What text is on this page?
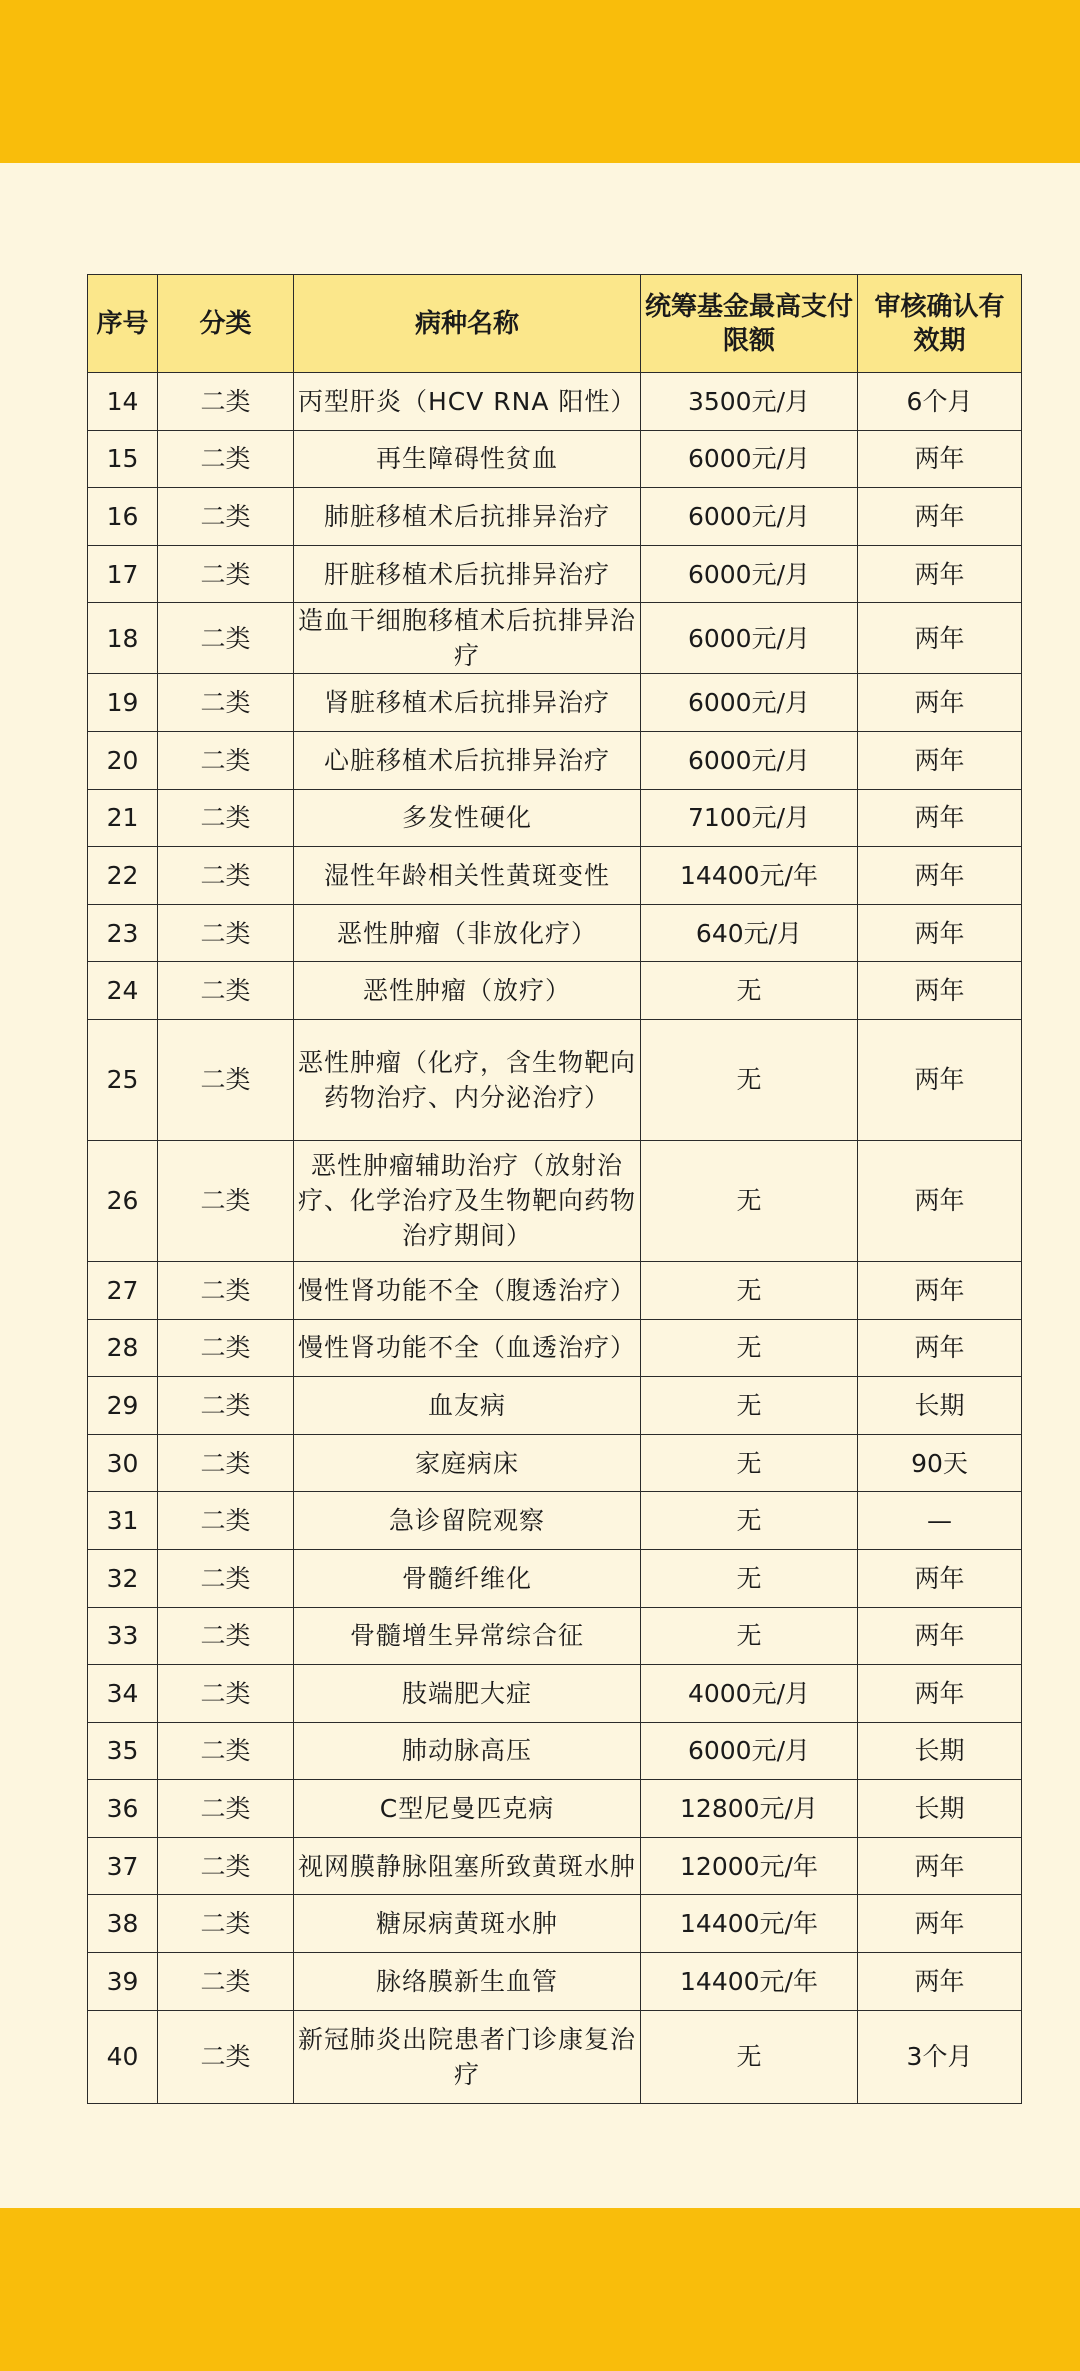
序号	分类	病种名称	统筹基金最高支付限额	审核确认有效期
14	二类	丙型肝炎（HCV RNA 阳性）	3500元/月	6个月
15	二类	再生障碍性贫血	6000元/月	两年
16	二类	肺脏移植术后抗排异治疗	6000元/月	两年
17	二类	肝脏移植术后抗排异治疗	6000元/月	两年
18	二类	造血干细胞移植术后抗排异治疗	6000元/月	两年
19	二类	肾脏移植术后抗排异治疗	6000元/月	两年
20	二类	心脏移植术后抗排异治疗	6000元/月	两年
21	二类	多发性硬化	7100元/月	两年
22	二类	湿性年龄相关性黄斑变性	14400元/年	两年
23	二类	恶性肿瘤（非放化疗）	640元/月	两年
24	二类	恶性肿瘤（放疗）	无	两年
25	二类	恶性肿瘤（化疗，含生物靶向药物治疗、内分泌治疗）	无	两年
26	二类	恶性肿瘤辅助治疗（放射治疗、化学治疗及生物靶向药物治疗期间）	无	两年
27	二类	慢性肾功能不全（腹透治疗）	无	两年
28	二类	慢性肾功能不全（血透治疗）	无	两年
29	二类	血友病	无	长期
30	二类	家庭病床	无	90天
31	二类	急诊留院观察	无	—
32	二类	骨髓纤维化	无	两年
33	二类	骨髓增生异常综合征	无	两年
34	二类	肢端肥大症	4000元/月	两年
35	二类	肺动脉高压	6000元/月	长期
36	二类	C型尼曼匹克病	12800元/月	长期
37	二类	视网膜静脉阻塞所致黄斑水肿	12000元/年	两年
38	二类	糖尿病黄斑水肿	14400元/年	两年
39	二类	脉络膜新生血管	14400元/年	两年
40	二类	新冠肺炎出院患者门诊康复治疗	无	3个月
